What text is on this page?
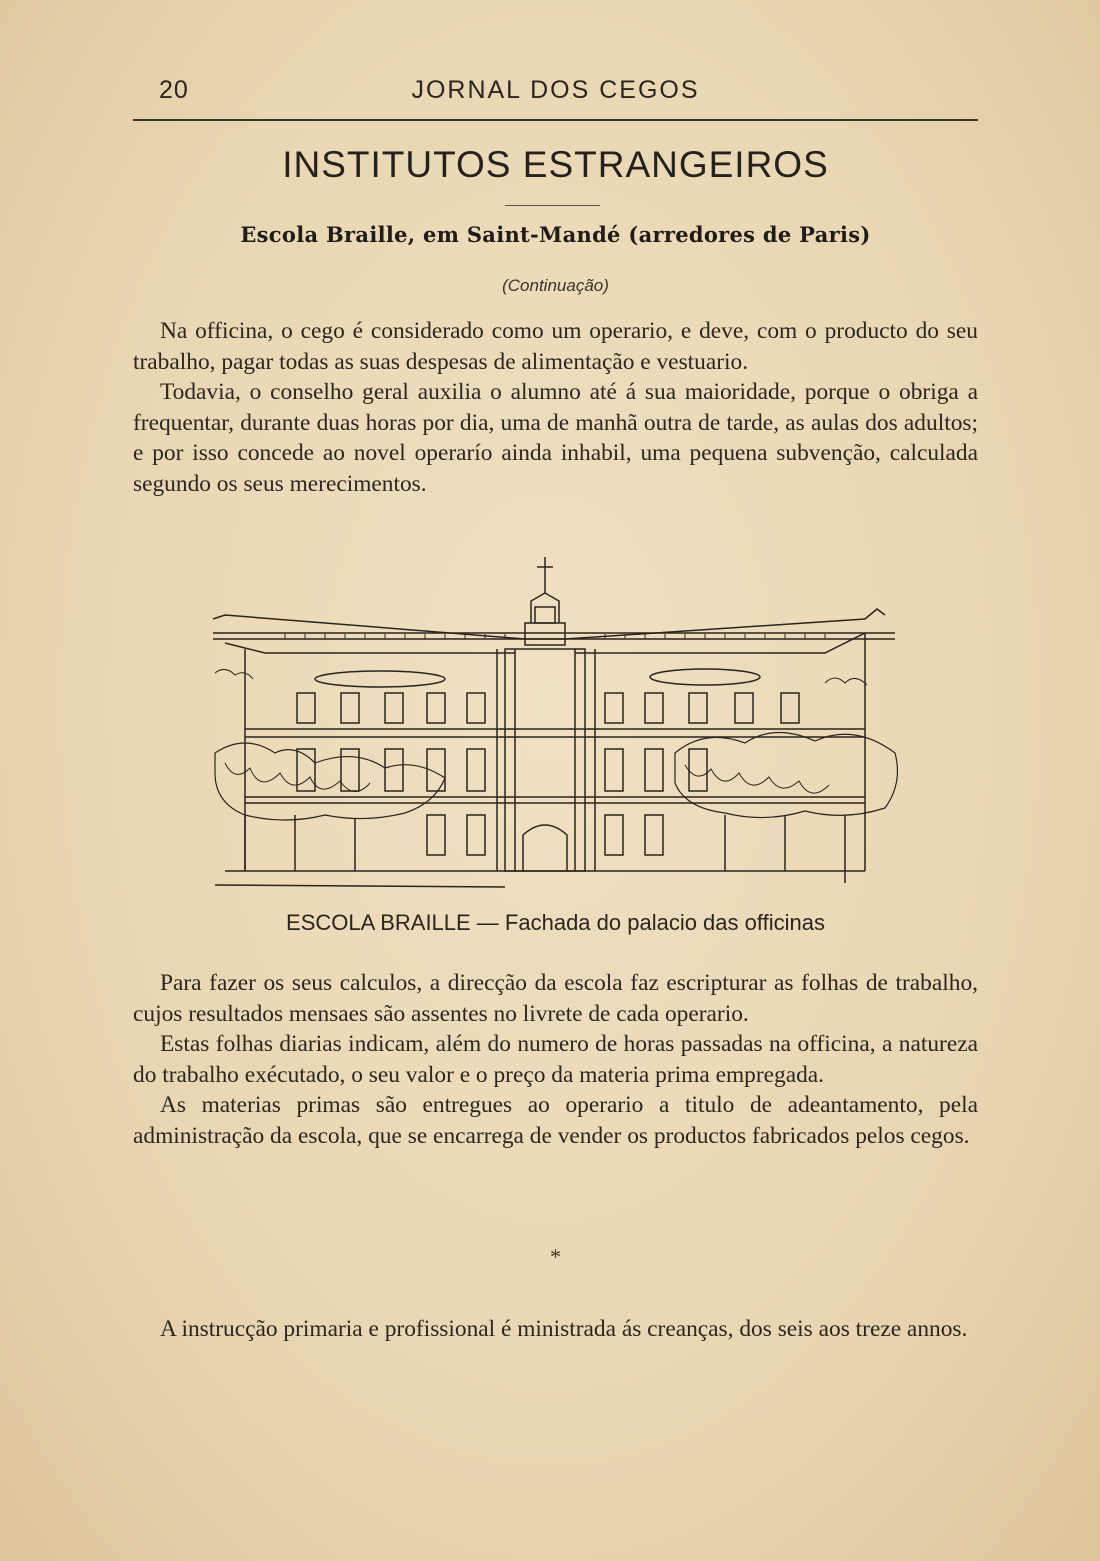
20	JORNAL DOS CEGOS
INSTITUTOS ESTRANGEIROS
Escola Braille, em Saint-Mandé (arredores de Paris)
(Continuação)

Na officina, o cego é considerado como um operario, e deve, com o producto do seu trabalho, pagar todas as suas despesas de alimentação e vestuario.

Todavia, o conselho geral auxilia o alumno até á sua maioridade, porque o obriga a frequentar, durante duas horas por dia, uma de manhã outra de tarde, as aulas dos adultos; e por isso concede ao novel operarío ainda inhabil, uma pequena subvenção, calculada segundo os seus merecimentos.

ESCOLA BRAILLE — Fachada do palacio das officinas

Para fazer os seus calculos, a direcção da escola faz escripturar as folhas de trabalho, cujos resultados mensaes são assentes no livrete de cada operario.

Estas folhas diarias indicam, além do numero de horas passadas na officina, a natureza do trabalho exécutado, o seu valor e o preço da materia prima empregada.

As materias primas são entregues ao operario a titulo de adeantamento, pela administração da escola, que se encarrega de vender os productos fabricados pelos cegos.

*

A instrucção primaria e profissional é ministrada ás creanças, dos seis aos treze annos.
